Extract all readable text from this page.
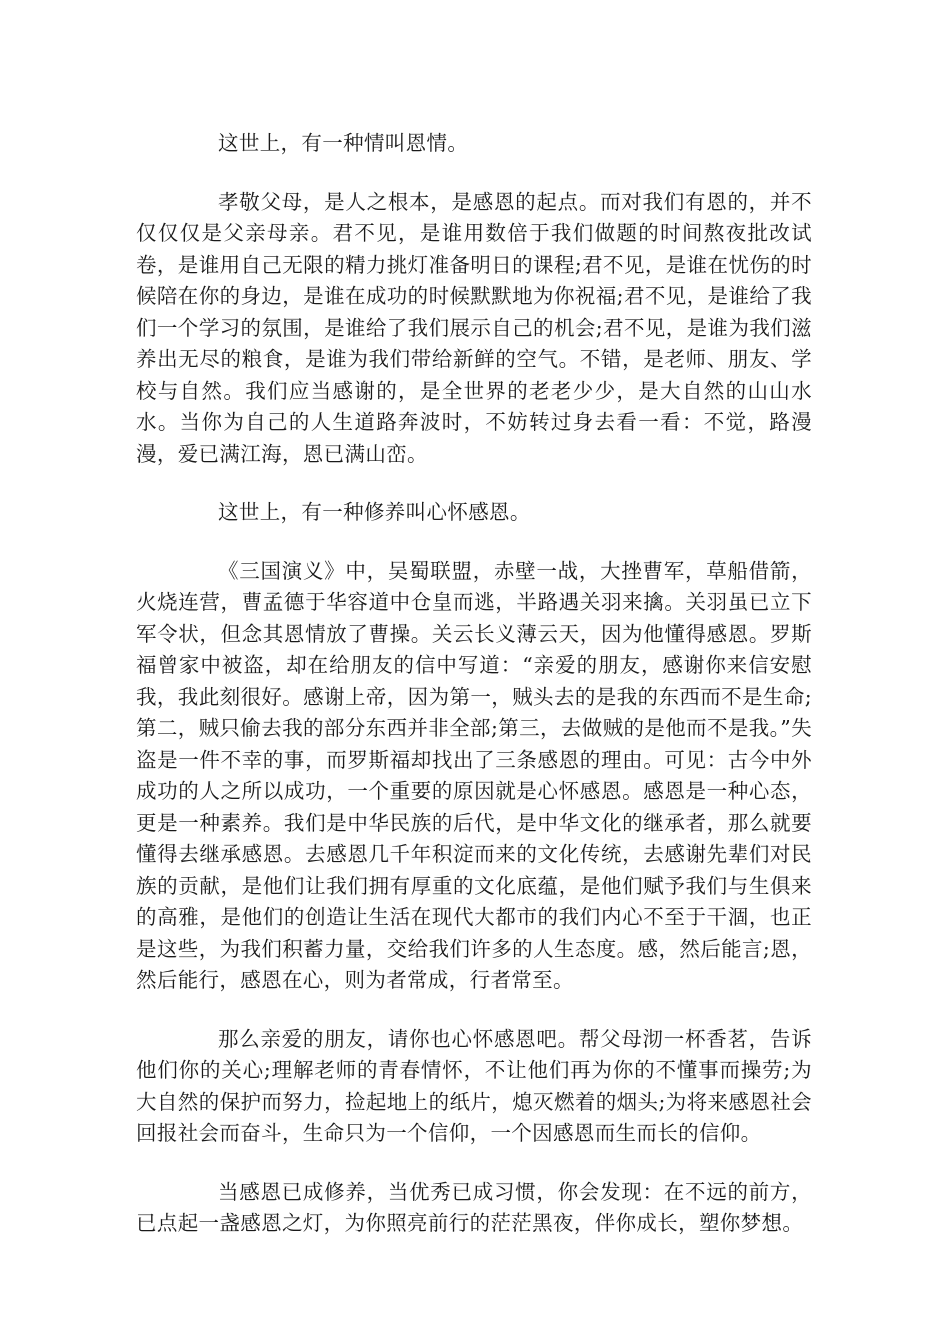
这世上，有一种情叫恩情。

孝敬父母，是人之根本，是感恩的起点。而对我们有恩的，并不仅仅仅是父亲母亲。君不见，是谁用数倍于我们做题的时间熬夜批改试卷，是谁用自己无限的精力挑灯准备明日的课程;君不见，是谁在忧伤的时候陪在你的身边，是谁在成功的时候默默地为你祝福;君不见，是谁给了我们一个学习的氛围，是谁给了我们展示自己的机会;君不见，是谁为我们滋养出无尽的粮食，是谁为我们带给新鲜的空气。不错，是老师、朋友、学校与自然。我们应当感谢的，是全世界的老老少少，是大自然的山山水水。当你为自己的人生道路奔波时，不妨转过身去看一看：不觉，路漫漫，爱已满江海，恩已满山峦。

这世上，有一种修养叫心怀感恩。

《三国演义》中，吴蜀联盟，赤壁一战，大挫曹军，草船借箭，火烧连营，曹孟德于华容道中仓皇而逃，半路遇关羽来擒。关羽虽已立下军令状，但念其恩情放了曹操。关云长义薄云天，因为他懂得感恩。罗斯福曾家中被盗，却在给朋友的信中写道：“亲爱的朋友，感谢你来信安慰我，我此刻很好。感谢上帝，因为第一，贼头去的是我的东西而不是生命;第二，贼只偷去我的部分东西并非全部;第三，去做贼的是他而不是我。”失盗是一件不幸的事，而罗斯福却找出了三条感恩的理由。可见：古今中外成功的人之所以成功，一个重要的原因就是心怀感恩。感恩是一种心态，更是一种素养。我们是中华民族的后代，是中华文化的继承者，那么就要懂得去继承感恩。去感恩几千年积淀而来的文化传统，去感谢先辈们对民族的贡献，是他们让我们拥有厚重的文化底蕴，是他们赋予我们与生俱来的高雅，是他们的创造让生活在现代大都市的我们内心不至于干涸，也正是这些，为我们积蓄力量，交给我们许多的人生态度。感，然后能言;恩，然后能行，感恩在心，则为者常成，行者常至。

那么亲爱的朋友，请你也心怀感恩吧。帮父母沏一杯香茗，告诉他们你的关心;理解老师的青春情怀，不让他们再为你的不懂事而操劳;为大自然的保护而努力，捡起地上的纸片，熄灭燃着的烟头;为将来感恩社会回报社会而奋斗，生命只为一个信仰，一个因感恩而生而长的信仰。

当感恩已成修养，当优秀已成习惯，你会发现：在不远的前方，已点起一盏感恩之灯，为你照亮前行的茫茫黑夜，伴你成长，塑你梦想。
